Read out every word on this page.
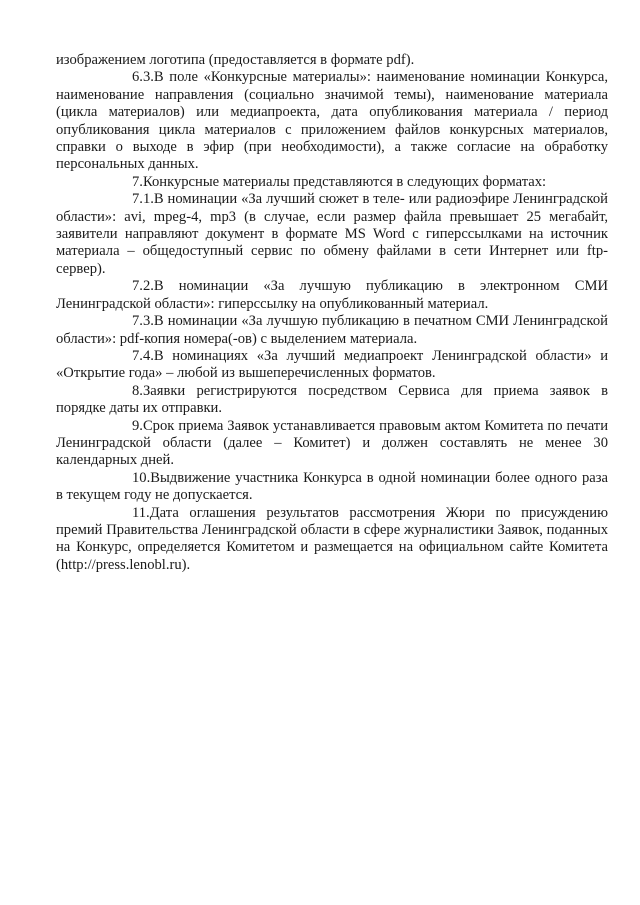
изображением логотипа (предоставляется в формате pdf).

6.3.В поле «Конкурсные материалы»: наименование номинации Конкурса, наименование направления (социально значимой темы), наименование материала (цикла материалов) или медиапроекта, дата опубликования материала / период опубликования цикла материалов с приложением файлов конкурсных материалов, справки о выходе в эфир (при необходимости), а также согласие на обработку персональных данных.

7.Конкурсные материалы представляются в следующих форматах:

7.1.В номинации «За лучший сюжет в теле- или радиоэфире Ленинградской области»: avi, mpeg-4, mp3 (в случае, если размер файла превышает 25 мегабайт, заявители направляют документ в формате MS Word с гиперссылками на источник материала – общедоступный сервис по обмену файлами в сети Интернет или ftp-сервер).

7.2.В номинации «За лучшую публикацию в электронном СМИ Ленинградской области»: гиперссылку на опубликованный материал.

7.3.В номинации «За лучшую публикацию в печатном СМИ Ленинградской области»: pdf-копия номера(-ов) с выделением материала.

7.4.В номинациях «За лучший медиапроект Ленинградской области» и «Открытие года» – любой из вышеперечисленных форматов.

8.Заявки регистрируются посредством Сервиса для приема заявок в порядке даты их отправки.

9.Срок приема Заявок устанавливается правовым актом Комитета по печати Ленинградской области (далее – Комитет) и должен составлять не менее 30 календарных дней.

10.Выдвижение участника Конкурса в одной номинации более одного раза в текущем году не допускается.

11.Дата оглашения результатов рассмотрения Жюри по присуждению премий Правительства Ленинградской области в сфере журналистики Заявок, поданных на Конкурс, определяется Комитетом и размещается на официальном сайте Комитета (http://press.lenobl.ru).
